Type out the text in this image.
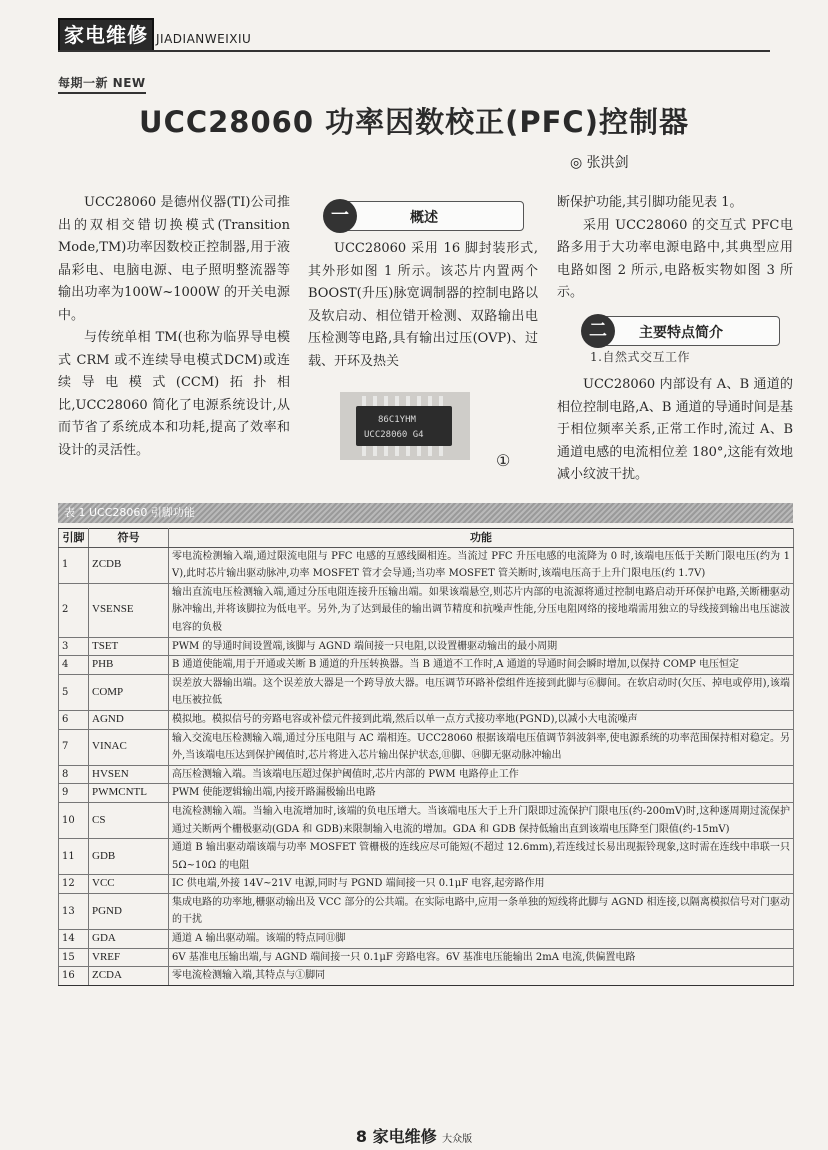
家电维修 JIADIANWEIXIU
每期一新 NEW
UCC28060 功率因数校正(PFC)控制器
◎ 张洪剑

UCC28060 是德州仪器(TI)公司推出的双相交错切换模式(Transition Mode,TM)功率因数校正控制器,用于液晶彩电、电脑电源、电子照明整流器等输出功率为100W~1000W 的开关电源中。

与传统单相 TM(也称为临界导电模式 CRM 或不连续导电模式DCM)或连续导电模式(CCM)拓扑相比,UCC28060 简化了电源系统设计,从而节省了系统成本和功耗,提高了效率和设计的灵活性。

一	概述

UCC28060 采用 16 脚封装形式,其外形如图 1 所示。该芯片内置两个 BOOST(升压)脉宽调制器的控制电路以及软启动、相位错开检测、双路输出电压检测等电路,具有输出过压(OVP)、过载、开环及热关

86C1YHM
UCC28060 G4
①

断保护功能,其引脚功能见表 1。

采用 UCC28060 的交互式 PFC电路多用于大功率电源电路中,其典型应用电路如图 2 所示,电路板实物如图 3 所示。

二	主要特点简介
1.自然式交互工作

UCC28060 内部设有 A、B 通道的相位控制电路,A、B 通道的导通时间是基于相位频率关系,正常工作时,流过 A、B 通道电感的电流相位差 180°,这能有效地减小纹波干扰。

表 1 UCC28060 引脚功能
引脚	符号	功能
1	ZCDB	零电流检测输入端,通过限流电阻与 PFC 电感的互感线圈相连。当流过 PFC 升压电感的电流降为 0 时,该端电压低于关断门限电压(约为 1V),此时芯片输出驱动脉冲,功率 MOSFET 管才会导通;当功率 MOSFET 管关断时,该端电压高于上升门限电压(约 1.7V)
2	VSENSE	输出直流电压检测输入端,通过分压电阻连接升压输出端。如果该端悬空,则芯片内部的电流源将通过控制电路启动开环保护电路,关断栅驱动脉冲输出,并将该脚拉为低电平。另外,为了达到最佳的输出调节精度和抗噪声性能,分压电阻网络的接地端需用独立的导线接到输出电压滤波电容的负极
3	TSET	PWM 的导通时间设置端,该脚与 AGND 端间接一只电阻,以设置栅驱动输出的最小周期
4	PHB	B 通道使能端,用于开通或关断 B 通道的升压转换器。当 B 通道不工作时,A 通道的导通时间会瞬时增加,以保持 COMP 电压恒定
5	COMP	误差放大器输出端。这个误差放大器是一个跨导放大器。电压调节环路补偿组件连接到此脚与⑥脚间。在软启动时(欠压、掉电或停用),该端电压被拉低
6	AGND	模拟地。模拟信号的旁路电容或补偿元件接到此端,然后以单一点方式接功率地(PGND),以减小大电流噪声
7	VINAC	输入交流电压检测输入端,通过分压电阻与 AC 端相连。UCC28060 根据该端电压值调节斜波斜率,使电源系统的功率范围保持相对稳定。另外,当该端电压达到保护阈值时,芯片将进入芯片输出保护状态,⑪脚、⑭脚无驱动脉冲输出
8	HVSEN	高压检测输入端。当该端电压超过保护阈值时,芯片内部的 PWM 电路停止工作
9	PWMCNTL	PWM 使能逻辑输出端,内接开路漏极输出电路
10	CS	电流检测输入端。当输入电流增加时,该端的负电压增大。当该端电压大于上升门限即过流保护门限电压(约-200mV)时,这种逐周期过流保护通过关断两个栅极驱动(GDA 和 GDB)来限制输入电流的增加。GDA 和 GDB 保持低输出直到该端电压降至门限值(约-15mV)
11	GDB	通道 B 输出驱动端该端与功率 MOSFET 管栅极的连线应尽可能短(不超过 12.6mm),若连线过长易出现振铃现象,这时需在连线中串联一只 5Ω~10Ω 的电阻
12	VCC	IC 供电端,外接 14V~21V 电源,同时与 PGND 端间接一只 0.1μF 电容,起旁路作用
13	PGND	集成电路的功率地,栅驱动输出及 VCC 部分的公共端。在实际电路中,应用一条单独的短线将此脚与 AGND 相连接,以隔离模拟信号对门驱动的干扰
14	GDA	通道 A 输出驱动端。该端的特点同⑪脚
15	VREF	6V 基准电压输出端,与 AGND 端间接一只 0.1μF 旁路电容。6V 基准电压能输出 2mA 电流,供偏置电路
16	ZCDA	零电流检测输入端,其特点与①脚同
8 家电维修 大众版
